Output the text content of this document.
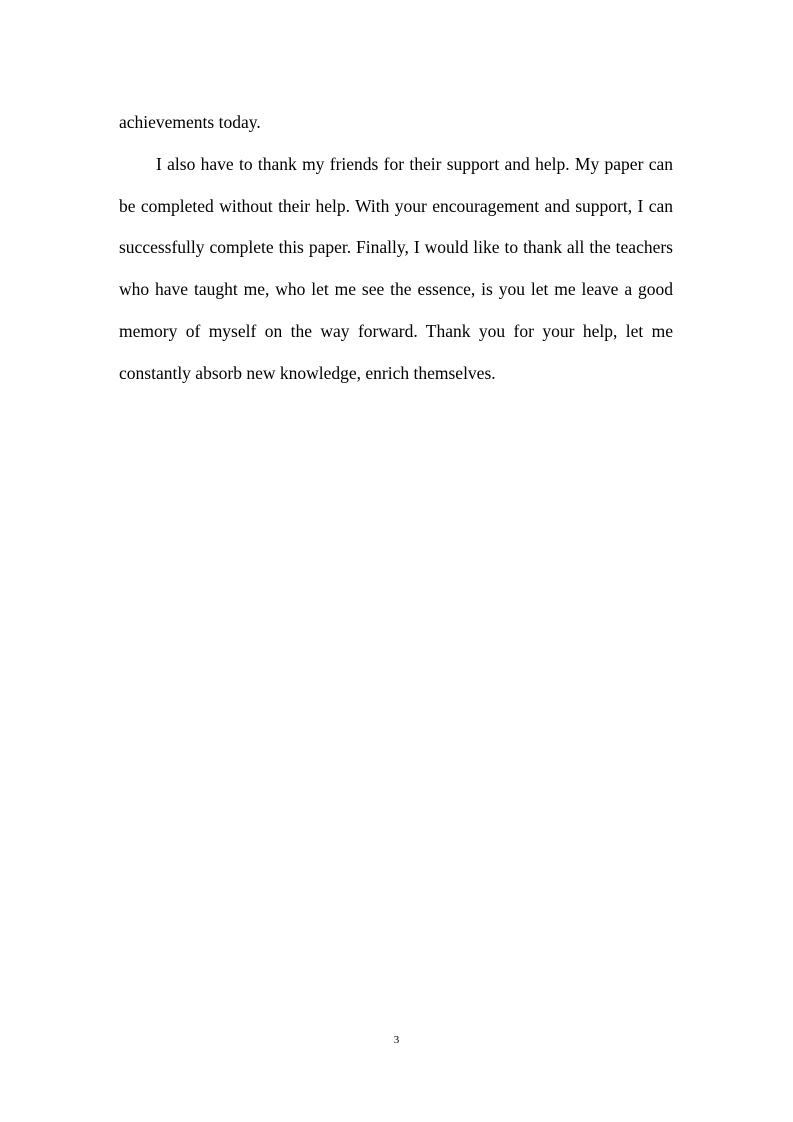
achievements today.

I also have to thank my friends for their support and help. My paper can be completed without their help. With your encouragement and support, I can successfully complete this paper. Finally, I would like to thank all the teachers who have taught me, who let me see the essence, is you let me leave a good memory of myself on the way forward. Thank you for your help, let me constantly absorb new knowledge, enrich themselves.

3
